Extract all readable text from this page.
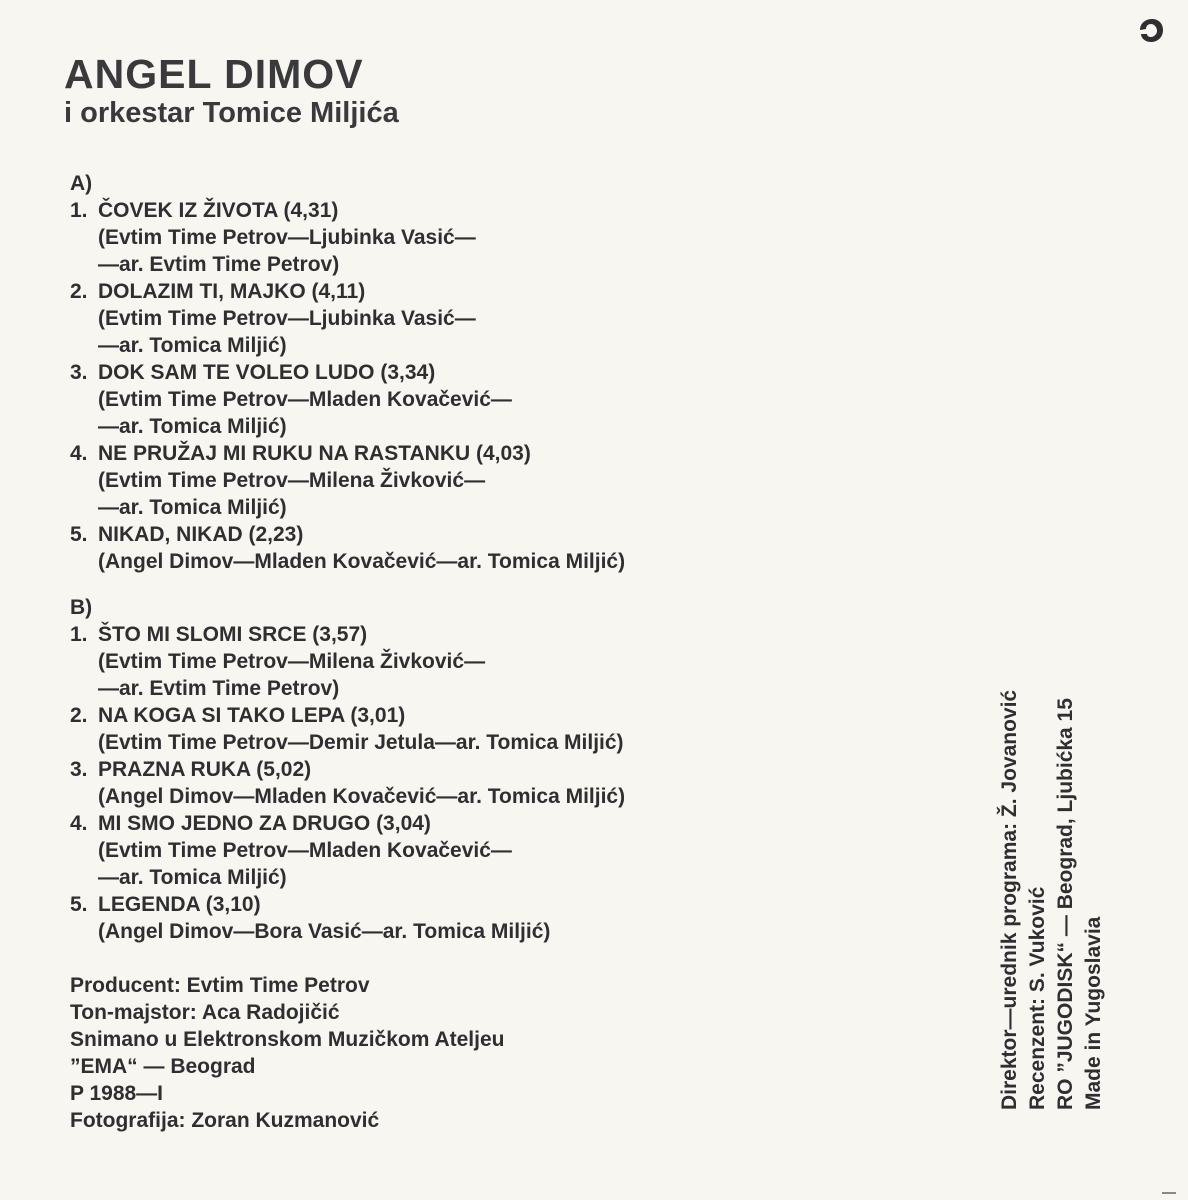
ANGEL DIMOV
i orkestar Tomice Miljića
A)
1. ČOVEK IZ ŽIVOTA (4,31)
(Evtim Time Petrov—Ljubinka Vasić—
—ar. Evtim Time Petrov)
2. DOLAZIM TI, MAJKO (4,11)
(Evtim Time Petrov—Ljubinka Vasić—
—ar. Tomica Miljić)
3. DOK SAM TE VOLEO LUDO (3,34)
(Evtim Time Petrov—Mladen Kovačević—
—ar. Tomica Miljić)
4. NE PRUŽAJ MI RUKU NA RASTANKU (4,03)
(Evtim Time Petrov—Milena Živković—
—ar. Tomica Miljić)
5. NIKAD, NIKAD (2,23)
(Angel Dimov—Mladen Kovačević—ar. Tomica Miljić)
B)
1. ŠTO MI SLOMI SRCE (3,57)
(Evtim Time Petrov—Milena Živković—
—ar. Evtim Time Petrov)
2. NA KOGA SI TAKO LEPA (3,01)
(Evtim Time Petrov—Demir Jetula—ar. Tomica Miljić)
3. PRAZNA RUKA (5,02)
(Angel Dimov—Mladen Kovačević—ar. Tomica Miljić)
4. MI SMO JEDNO ZA DRUGO (3,04)
(Evtim Time Petrov—Mladen Kovačević—
—ar. Tomica Miljić)
5. LEGENDA (3,10)
(Angel Dimov—Bora Vasić—ar. Tomica Miljić)
Producent: Evtim Time Petrov
Ton-majstor: Aca Radojičić
Snimano u Elektronskom Muzičkom Ateljeu
”EMA“ — Beograd
P 1988—I
Fotografija: Zoran Kuzmanović
Direktor—urednik programa: Ž. Jovanović Recenzent: S. Vuković RO ”JUGODISK“ — Beograd, Ljubićka 15 Made in Yugoslavia
